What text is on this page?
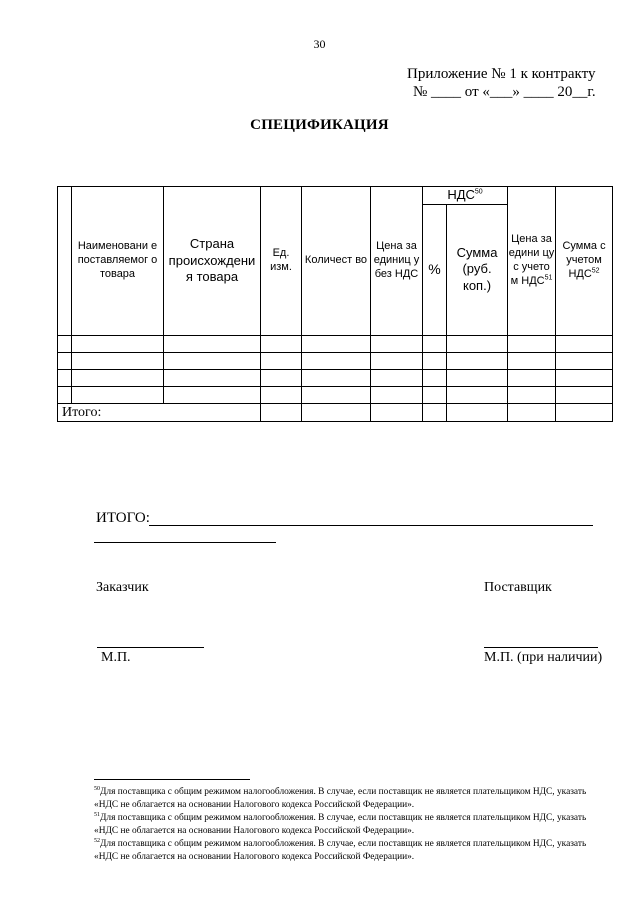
30
Приложение № 1 к контракту
№ ____ от «___» ____ 20__г.
СПЕЦИФИКАЦИЯ
	Наименовани е поставляемог о товара	Страна происхождени я товара	Ед. изм.	Количест во	Цена за единиц у без НДС	НДС$^{50}$		Цена за едини цу с учето м НДС$^{51}$	Сумма с учетом НДС$^{52}$
						%	Сумма (руб. коп.)		

Итого:									
ИТОГО:
Заказчик	Поставщик
М.П.	М.П. (при наличии)
$^{50}$Для поставщика с общим режимом налогообложения. В случае, если поставщик не является плательщиком НДС, указать «НДС не облагается на основании Налогового кодекса Российской Федерации».
$^{51}$Для поставщика с общим режимом налогообложения. В случае, если поставщик не является плательщиком НДС, указать «НДС не облагается на основании Налогового кодекса Российской Федерации».
$^{52}$Для поставщика с общим режимом налогообложения. В случае, если поставщик не является плательщиком НДС, указать «НДС не облагается на основании Налогового кодекса Российской Федерации».
